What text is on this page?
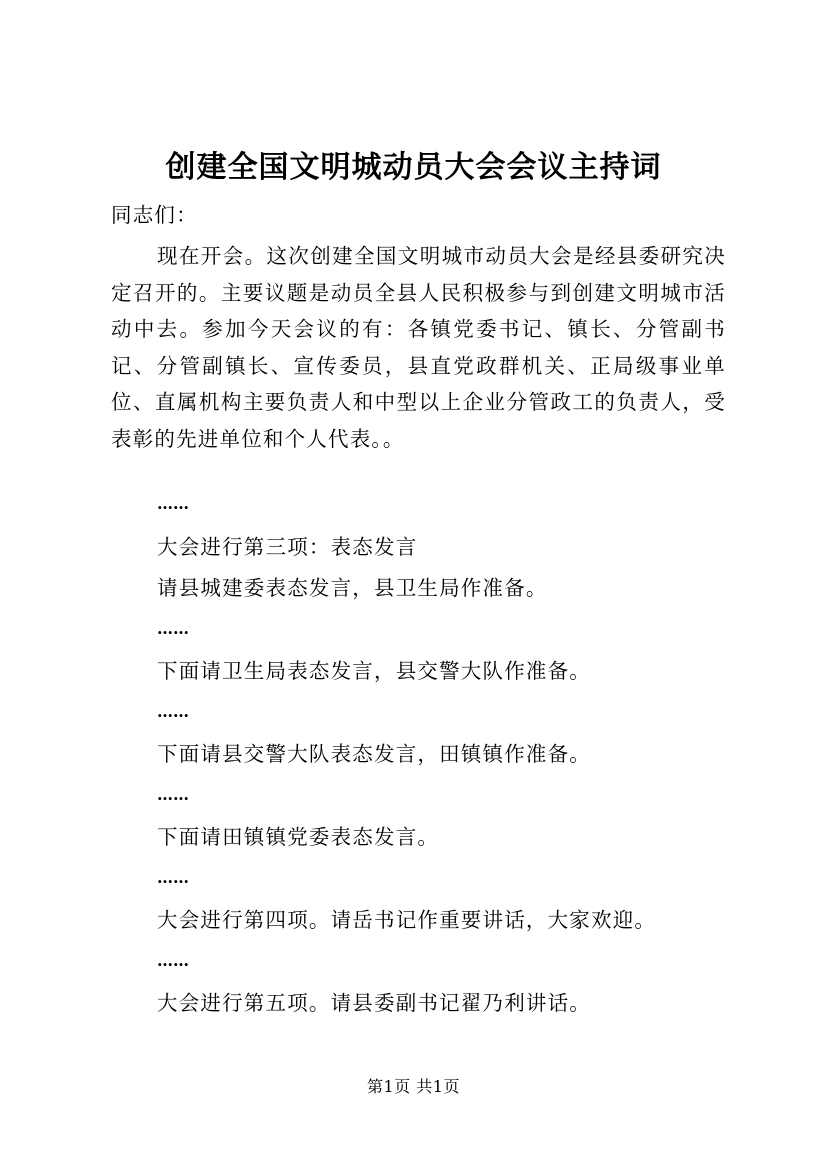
创建全国文明城动员大会会议主持词
同志们：
现在开会。这次创建全国文明城市动员大会是经县委研究决定召开的。主要议题是动员全县人民积极参与到创建文明城市活动中去。参加今天会议的有：各镇党委书记、镇长、分管副书记、分管副镇长、宣传委员，县直党政群机关、正局级事业单位、直属机构主要负责人和中型以上企业分管政工的负责人，受表彰的先进单位和个人代表。。
……
大会进行第三项：表态发言
请县城建委表态发言，县卫生局作准备。
……
下面请卫生局表态发言，县交警大队作准备。
……
下面请县交警大队表态发言，田镇镇作准备。
……
下面请田镇镇党委表态发言。
……
大会进行第四项。请岳书记作重要讲话，大家欢迎。
……
大会进行第五项。请县委副书记翟乃利讲话。
第1页 共1页
